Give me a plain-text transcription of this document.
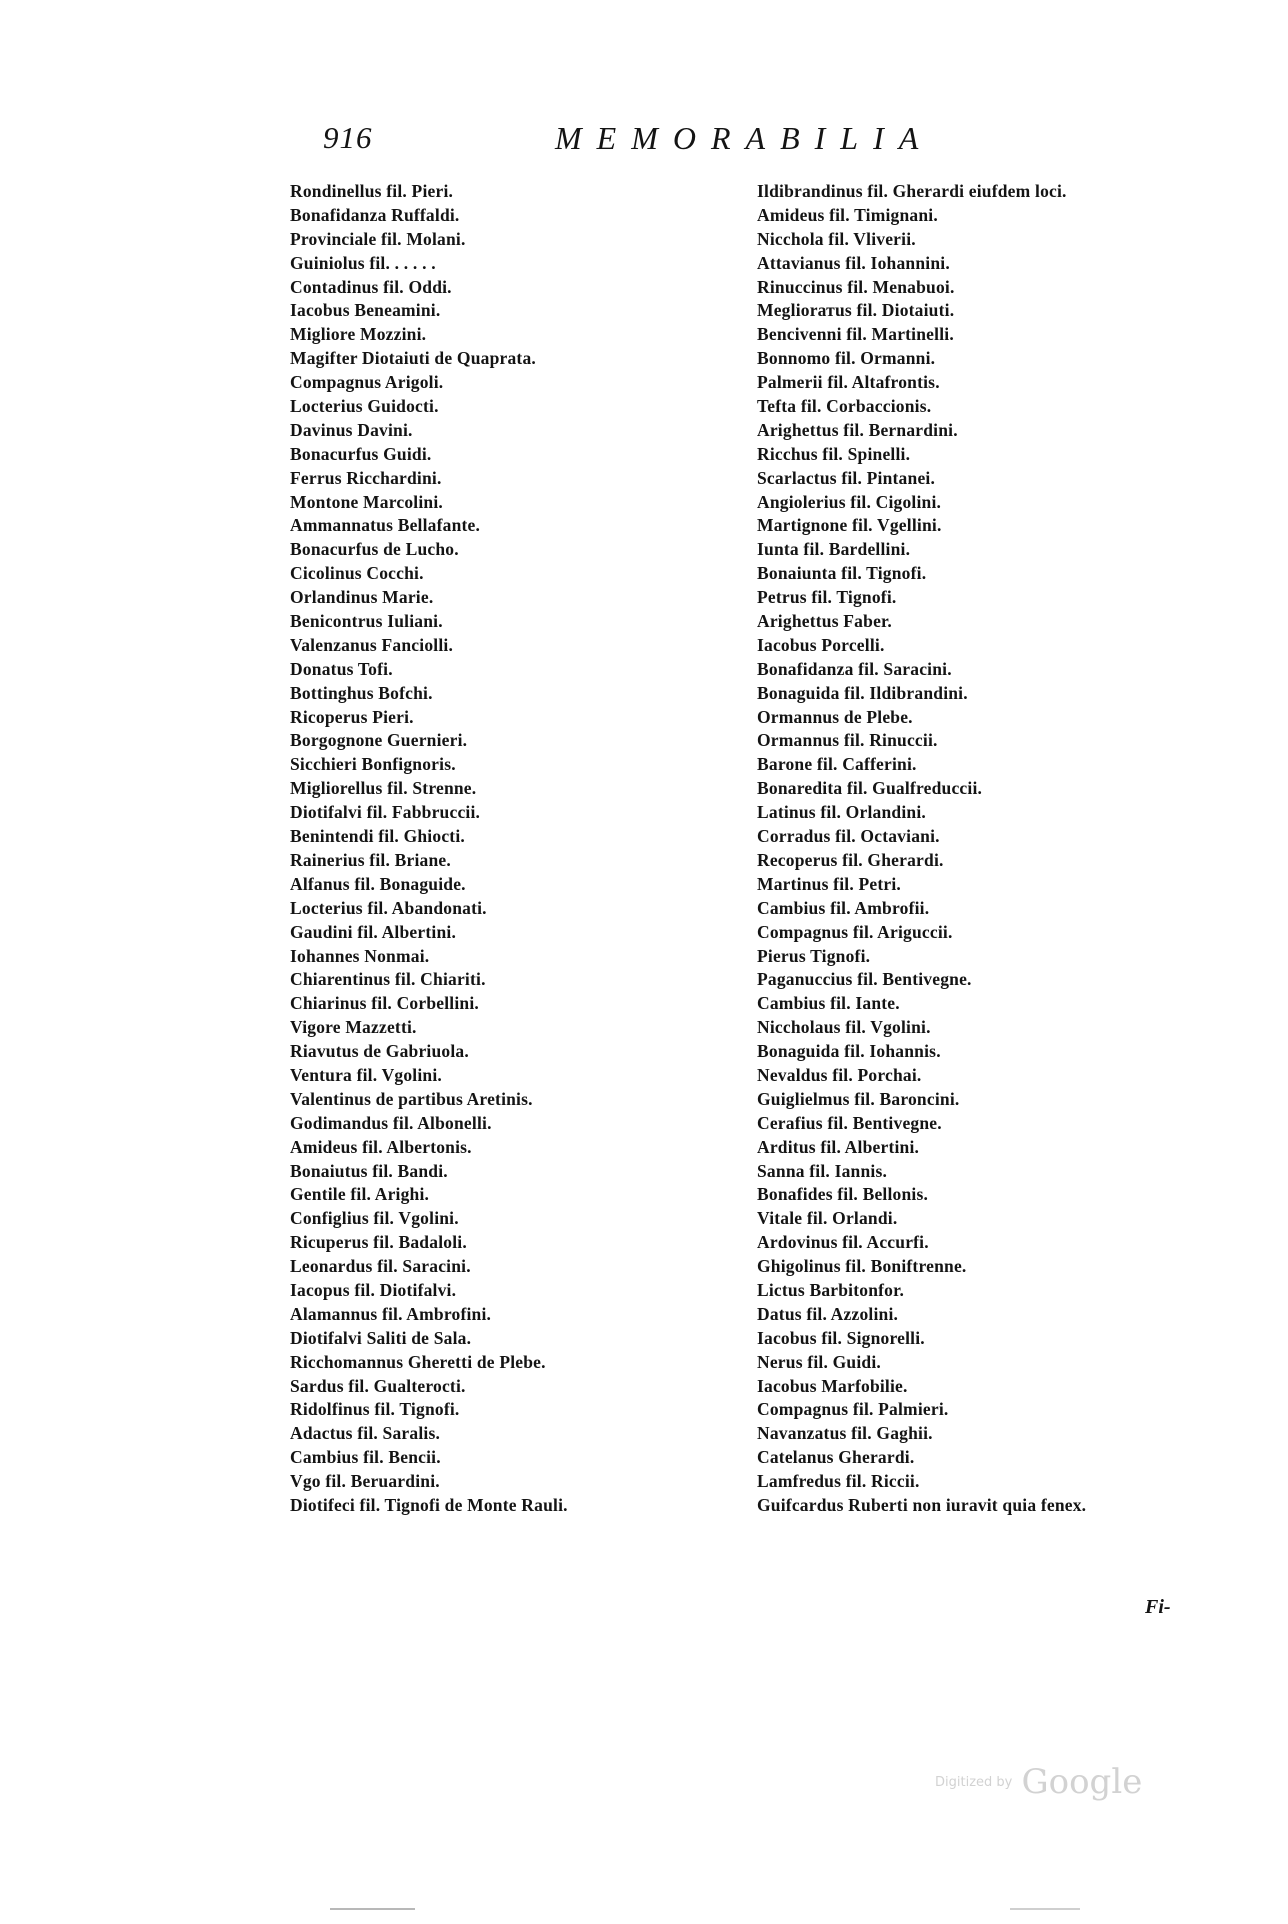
916	MEMORABILIA
Rondinellus fil. Pieri.
Bonafidanza Ruffaldi.
Provinciale fil. Molani.
Guiniolus fil. . . . . .
Contadinus fil. Oddi.
Iacobus Beneamini.
Migliore Mozzini.
Magifter Diotaiuti de Quaprata.
Compagnus Arigoli.
Locterius Guidocti.
Davinus Davini.
Bonacurfus Guidi.
Ferrus Ricchardini.
Montone Marcolini.
Ammannatus Bellafante.
Bonacurfus de Lucho.
Cicolinus Cocchi.
Orlandinus Marie.
Benicontrus Iuliani.
Valenzanus Fanciolli.
Donatus Tofi.
Bottinghus Bofchi.
Ricoperus Pieri.
Borgognone Guernieri.
Sicchieri Bonfignoris.
Migliorellus fil. Strenne.
Diotifalvi fil. Fabbruccii.
Benintendi fil. Ghiocti.
Rainerius fil. Briane.
Alfanus fil. Bonaguide.
Locterius fil. Abandonati.
Gaudini fil. Albertini.
Iohannes Nonmai.
Chiarentinus fil. Chiariti.
Chiarinus fil. Corbellini.
Vigore Mazzetti.
Riavutus de Gabriuola.
Ventura fil. Vgolini.
Valentinus de partibus Aretinis.
Godimandus fil. Albonelli.
Amideus fil. Albertonis.
Bonaiutus fil. Bandi.
Gentile fil. Arighi.
Configlius fil. Vgolini.
Ricuperus fil. Badaloli.
Leonardus fil. Saracini.
Iacopus fil. Diotifalvi.
Alamannus fil. Ambrofini.
Diotifalvi Saliti de Sala.
Ricchomannus Gheretti de Plebe.
Sardus fil. Gualterocti.
Ridolfinus fil. Tignofi.
Adactus fil. Saralis.
Cambius fil. Bencii.
Vgo fil. Beruardini.
Diotifeci fil. Tignofi de Monte Rauli.
Ildibrandinus fil. Gherardi eiufdem loci.
Amideus fil. Timignani.
Nicchola fil. Vliverii.
Attavianus fil. Iohannini.
Rinuccinus fil. Menabuoi.
Megliorатus fil. Diotaiuti.
Bencivenni fil. Martinelli.
Bonnomo fil. Ormanni.
Palmerii fil. Altafrontis.
Tefta fil. Corbaccionis.
Arighettus fil. Bernardini.
Ricchus fil. Spinelli.
Scarlactus fil. Pintanei.
Angiolerius fil. Cigolini.
Martignone fil. Vgellini.
Iunta fil. Bardellini.
Bonaiunta fil. Tignofi.
Petrus fil. Tignofi.
Arighettus Faber.
Iacobus Porcelli.
Bonafidanza fil. Saracini.
Bonaguida fil. Ildibrandini.
Ormannus de Plebe.
Ormannus fil. Rinuccii.
Barone fil. Cafferini.
Bonaredita fil. Gualfreduccii.
Latinus fil. Orlandini.
Corradus fil. Octaviani.
Recoperus fil. Gherardi.
Martinus fil. Petri.
Cambius fil. Ambrofii.
Compagnus fil. Ariguccii.
Pierus Tignofi.
Paganuccius fil. Bentivegne.
Cambius fil. Iante.
Niccholaus fil. Vgolini.
Bonaguida fil. Iohannis.
Nevaldus fil. Porchai.
Guiglielmus fil. Baroncini.
Cerafius fil. Bentivegne.
Arditus fil. Albertini.
Sanna fil. Iannis.
Bonafides fil. Bellonis.
Vitale fil. Orlandi.
Ardovinus fil. Accurfi.
Ghigolinus fil. Boniftrenne.
Lictus Barbitonfor.
Datus fil. Azzolini.
Iacobus fil. Signorelli.
Nerus fil. Guidi.
Iacobus Marfobilie.
Compagnus fil. Palmieri.
Navanzatus fil. Gaghii.
Catelanus Gherardi.
Lamfredus fil. Riccii.
Guifcardus Ruberti non iuravit quia fenex.
Fi-
Digitized by Google
